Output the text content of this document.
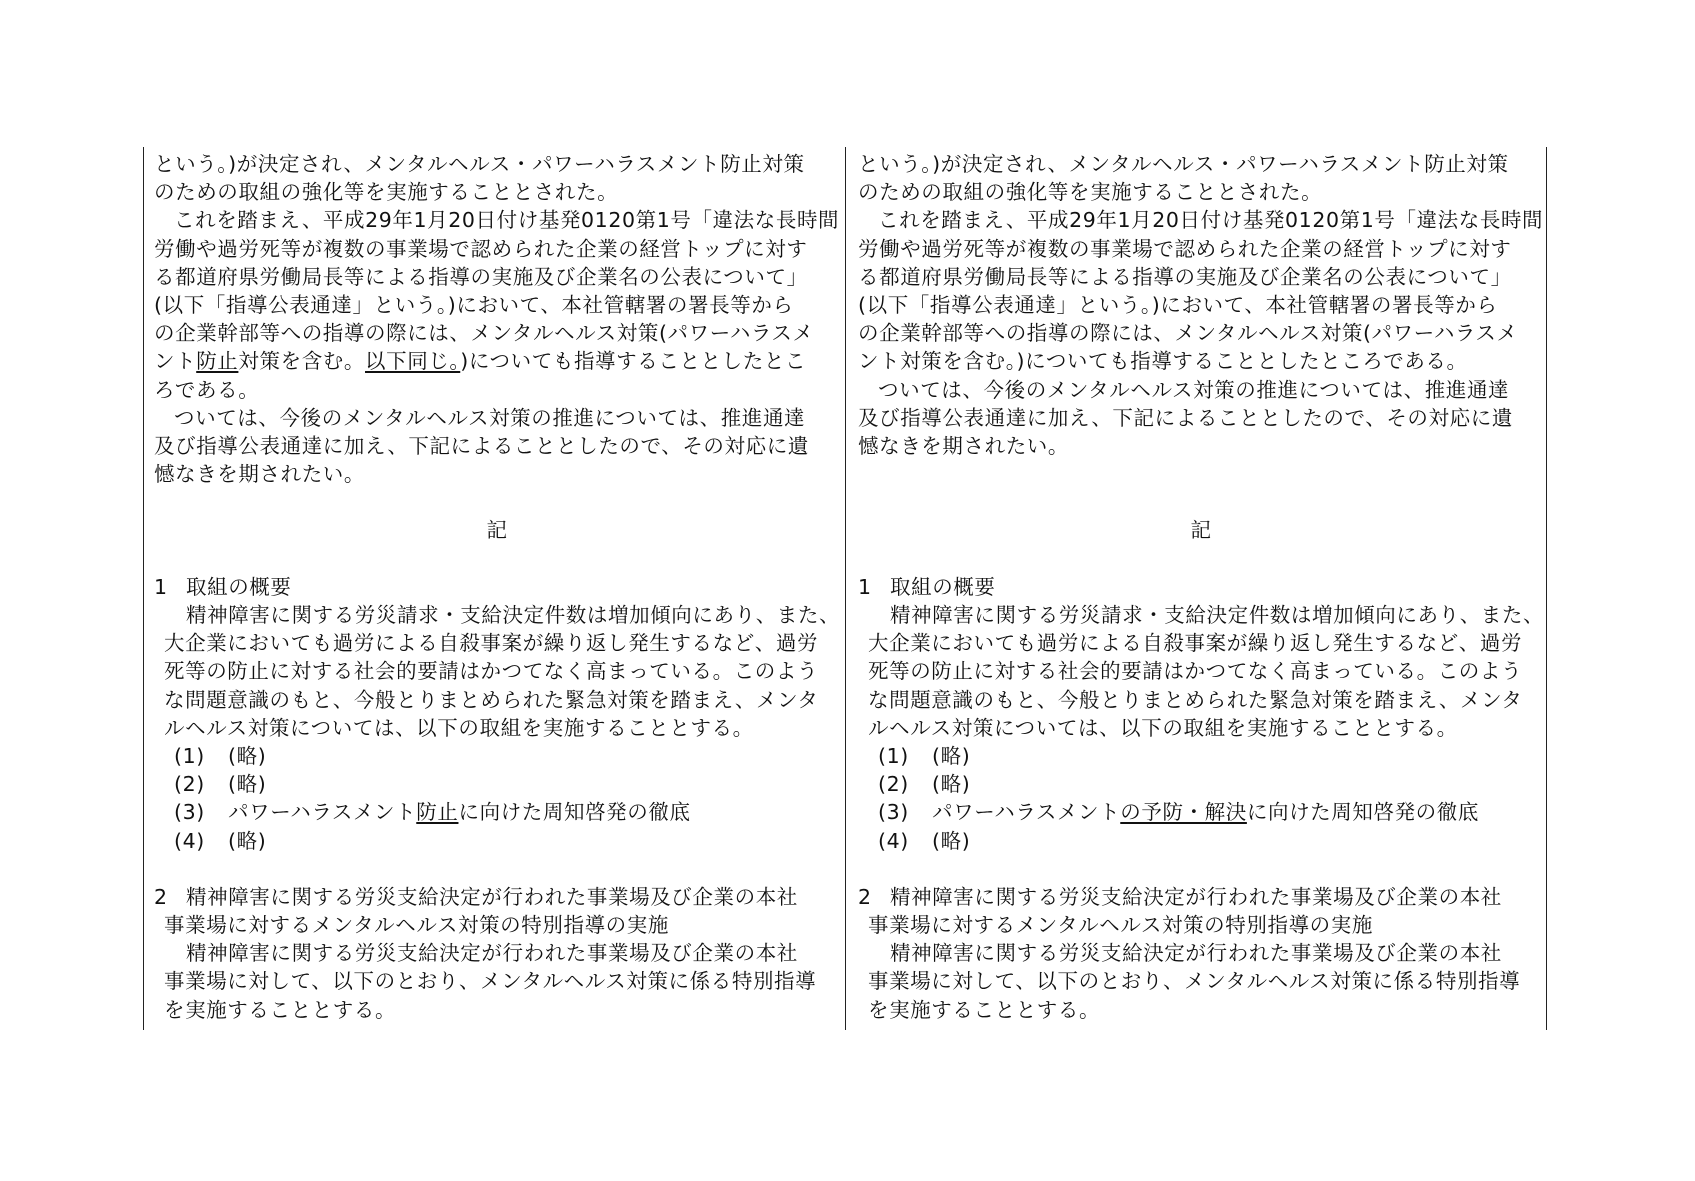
という。)が決定され、メンタルヘルス・パワーハラスメント防止対策
のための取組の強化等を実施することとされた。
これを踏まえ、平成29年1月20日付け基発0120第1号「違法な長時間
労働や過労死等が複数の事業場で認められた企業の経営トップに対す
る都道府県労働局長等による指導の実施及び企業名の公表について」
(以下「指導公表通達」という。)において、本社管轄署の署長等から
の企業幹部等への指導の際には、メンタルヘルス対策(パワーハラスメ
ント防止対策を含む。以下同じ。)についても指導することとしたとこ
ろである。
ついては、今後のメンタルヘルス対策の推進については、推進通達
及び指導公表通達に加え、下記によることとしたので、その対応に遺
憾なきを期されたい。
記
1 取組の概要
精神障害に関する労災請求・支給決定件数は増加傾向にあり、また、
大企業においても過労による自殺事案が繰り返し発生するなど、過労
死等の防止に対する社会的要請はかつてなく高まっている。このよう
な問題意識のもと、今般とりまとめられた緊急対策を踏まえ、メンタ
ルヘルス対策については、以下の取組を実施することとする。
(1) (略)
(2) (略)
(3) パワーハラスメント防止に向けた周知啓発の徹底
(4) (略)
2 精神障害に関する労災支給決定が行われた事業場及び企業の本社
事業場に対するメンタルヘルス対策の特別指導の実施
精神障害に関する労災支給決定が行われた事業場及び企業の本社
事業場に対して、以下のとおり、メンタルヘルス対策に係る特別指導
を実施することとする。
という。)が決定され、メンタルヘルス・パワーハラスメント防止対策
のための取組の強化等を実施することとされた。
これを踏まえ、平成29年1月20日付け基発0120第1号「違法な長時間
労働や過労死等が複数の事業場で認められた企業の経営トップに対す
る都道府県労働局長等による指導の実施及び企業名の公表について」
(以下「指導公表通達」という。)において、本社管轄署の署長等から
の企業幹部等への指導の際には、メンタルヘルス対策(パワーハラスメ
ント対策を含む。)についても指導することとしたところである。
ついては、今後のメンタルヘルス対策の推進については、推進通達
及び指導公表通達に加え、下記によることとしたので、その対応に遺
憾なきを期されたい。
記
1 取組の概要
精神障害に関する労災請求・支給決定件数は増加傾向にあり、また、
大企業においても過労による自殺事案が繰り返し発生するなど、過労
死等の防止に対する社会的要請はかつてなく高まっている。このよう
な問題意識のもと、今般とりまとめられた緊急対策を踏まえ、メンタ
ルヘルス対策については、以下の取組を実施することとする。
(1) (略)
(2) (略)
(3) パワーハラスメントの予防・解決に向けた周知啓発の徹底
(4) (略)
2 精神障害に関する労災支給決定が行われた事業場及び企業の本社
事業場に対するメンタルヘルス対策の特別指導の実施
精神障害に関する労災支給決定が行われた事業場及び企業の本社
事業場に対して、以下のとおり、メンタルヘルス対策に係る特別指導
を実施することとする。
